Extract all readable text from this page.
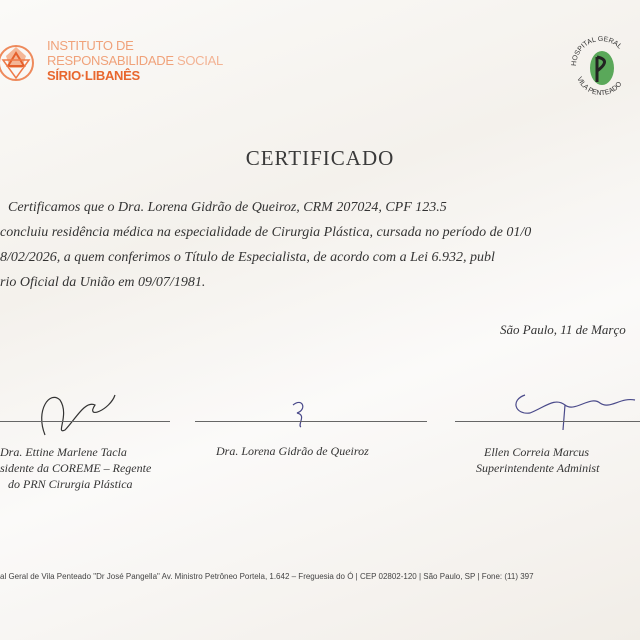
INSTITUTO DE
RESPONSABILIDADE SOCIAL
SÍRIO·LIBANÊS
HOSPITAL GERAL
VILA PENTEADO
CERTIFICADO
Certificamos que o Dra. Lorena Gidrão de Queiroz, CRM 207024, CPF 123.5
concluiu residência médica na especialidade de Cirurgia Plástica, cursada no período de 01/0
8/02/2026, a quem conferimos o Título de Especialista, de acordo com a Lei 6.932, publ
rio Oficial da União em 09/07/1981.
São Paulo, 11 de Março
Dra. Ettine Marlene Tacla
sidente da COREME – Regente
do PRN Cirurgia Plástica
Dra. Lorena Gidrão de Queiroz	Ellen Correia Marcus
Superintendente Administ
al Geral de Vila Penteado "Dr José Pangella" Av. Ministro Petrôneo Portela, 1.642 – Freguesia do Ó | CEP 02802-120 | São Paulo, SP | Fone: (11) 397
